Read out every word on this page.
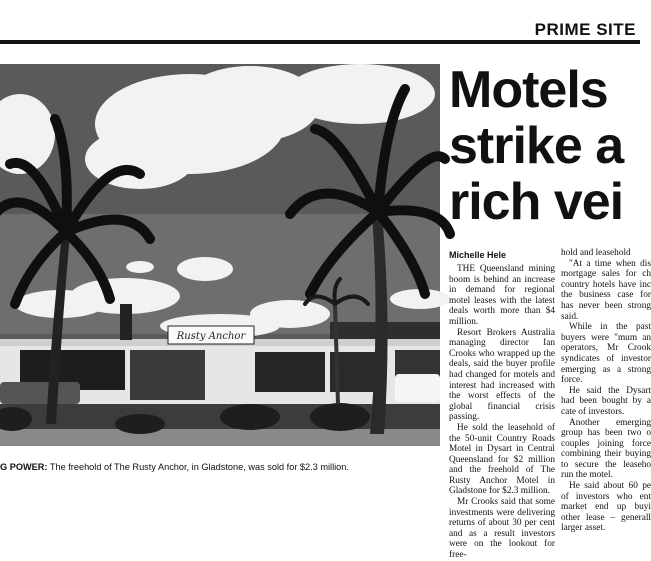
PRIME SITE
Rusty Anchor
G POWER: The freehold of The Rusty Anchor, in Gladstone, was sold for $2.3 million.
Motels
strike a
rich vei
Michelle Hele

THE Queensland mining boom is behind an increase in demand for regional motel leases with the latest deals worth more than $4 million.

Resort Brokers Australia managing director Ian Crooks who wrapped up the deals, said the buyer profile had changed for motels and interest had increased with the worst effects of the global financial crisis passing.

He sold the leasehold of the 50-unit Country Roads Motel in Dysart in Central Queensland for $2 million and the freehold of The Rusty Anchor Motel in Gladstone for $2.3 million.

Mr Crooks said that some investments were delivering returns of about 30 per cent and as a result investors were on the lookout for free-

hold and leasehold

"At a time when dis mortgage sales for ch country hotels have inc the business case for has never been strong said.

While in the past buyers were "mum an operators, Mr Crook syndicates of investor emerging as a strong force.

He said the Dysart had been bought by a cate of investors.

Another emerging group has been two o couples joining force combining their buying to secure the leaseho run the motel.

He said about 60 pe of investors who ent market end up buyi other lease – generall larger asset.
